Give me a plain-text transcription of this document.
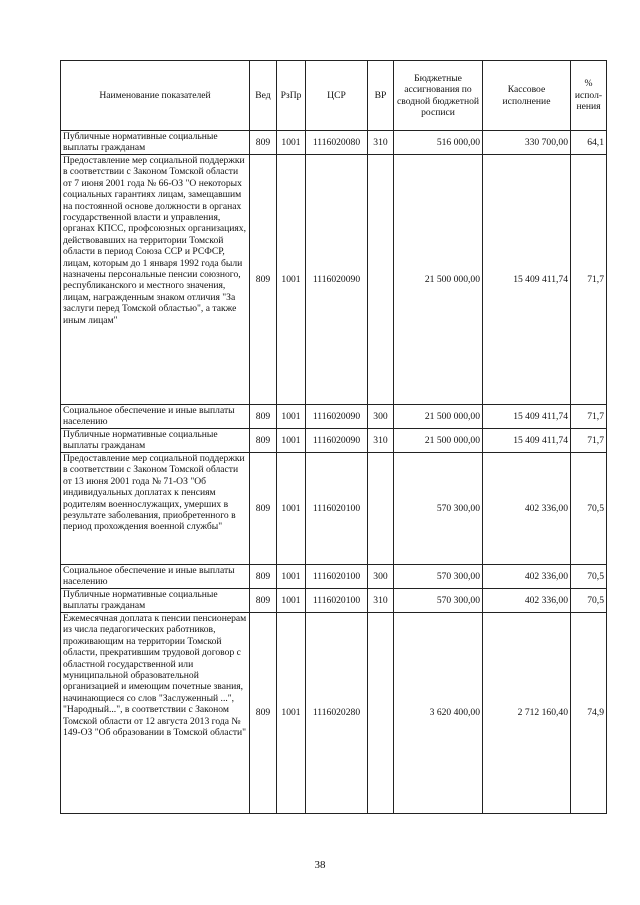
Наименование показателей	Вед	РзПр	ЦСР	ВР	Бюджетные ассигнования по сводной бюджетной росписи	Кассовое исполнение	% испол-нения
Публичные нормативные социальные выплаты гражданам	809	1001	1116020080	310	516 000,00	330 700,00	64,1
Предоставление мер социальной поддержки в соответствии с Законом Томской области от 7 июня 2001 года № 66-ОЗ "О некоторых социальных гарантиях лицам, замещавшим на постоянной основе должности в органах государственной власти и управления, органах КПСС, профсоюзных организациях, действовавших на территории Томской области в период Союза ССР и РСФСР, лицам, которым до 1 января 1992 года были назначены персональные пенсии союзного, республиканского и местного значения, лицам, награжденным знаком отличия "За заслуги перед Томской областью", а также иным лицам"	809	1001	1116020090		21 500 000,00	15 409 411,74	71,7
Социальное обеспечение и иные выплаты населению	809	1001	1116020090	300	21 500 000,00	15 409 411,74	71,7
Публичные нормативные социальные выплаты гражданам	809	1001	1116020090	310	21 500 000,00	15 409 411,74	71,7
Предоставление мер социальной поддержки в соответствии с Законом Томской области от 13 июня 2001 года № 71-ОЗ "Об индивидуальных доплатах к пенсиям родителям военнослужащих, умерших в результате заболевания, приобретенного в период прохождения военной службы"	809	1001	1116020100		570 300,00	402 336,00	70,5
Социальное обеспечение и иные выплаты населению	809	1001	1116020100	300	570 300,00	402 336,00	70,5
Публичные нормативные социальные выплаты гражданам	809	1001	1116020100	310	570 300,00	402 336,00	70,5
Ежемесячная доплата к пенсии пенсионерам из числа педагогических работников, проживающим на территории Томской области, прекратившим трудовой договор с областной государственной или муниципальной образовательной организацией и имеющим почетные звания, начинающиеся со слов "Заслуженный ...", "Народный...", в соответствии с Законом Томской области от 12 августа 2013 года № 149-ОЗ "Об образовании в Томской области"	809	1001	1116020280		3 620 400,00	2 712 160,40	74,9
38
